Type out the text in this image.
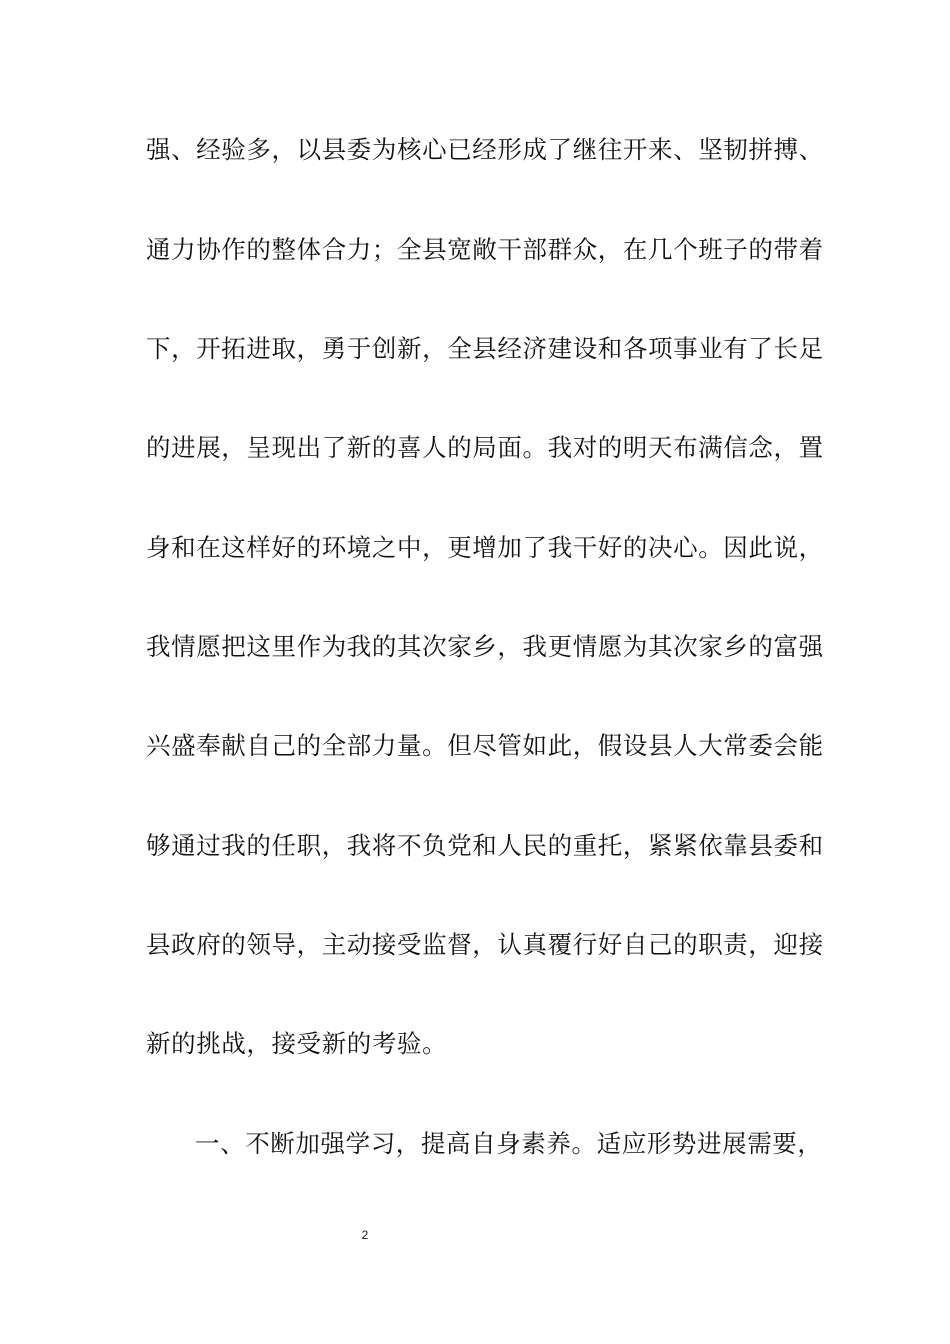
强、经验多，以县委为核心已经形成了继往开来、坚韧拼搏、
通力协作的整体合力；全县宽敞干部群众，在几个班子的带着
下，开拓进取，勇于创新，全县经济建设和各项事业有了长足
的进展，呈现出了新的喜人的局面。我对的明天布满信念，置
身和在这样好的环境之中，更增加了我干好的决心。因此说，
我情愿把这里作为我的其次家乡，我更情愿为其次家乡的富强
兴盛奉献自己的全部力量。但尽管如此，假设县人大常委会能
够通过我的任职，我将不负党和人民的重托，紧紧依靠县委和
县政府的领导，主动接受监督，认真覆行好自己的职责，迎接
新的挑战，接受新的考验。
一、不断加强学习，提高自身素养。适应形势进展需要，
2
